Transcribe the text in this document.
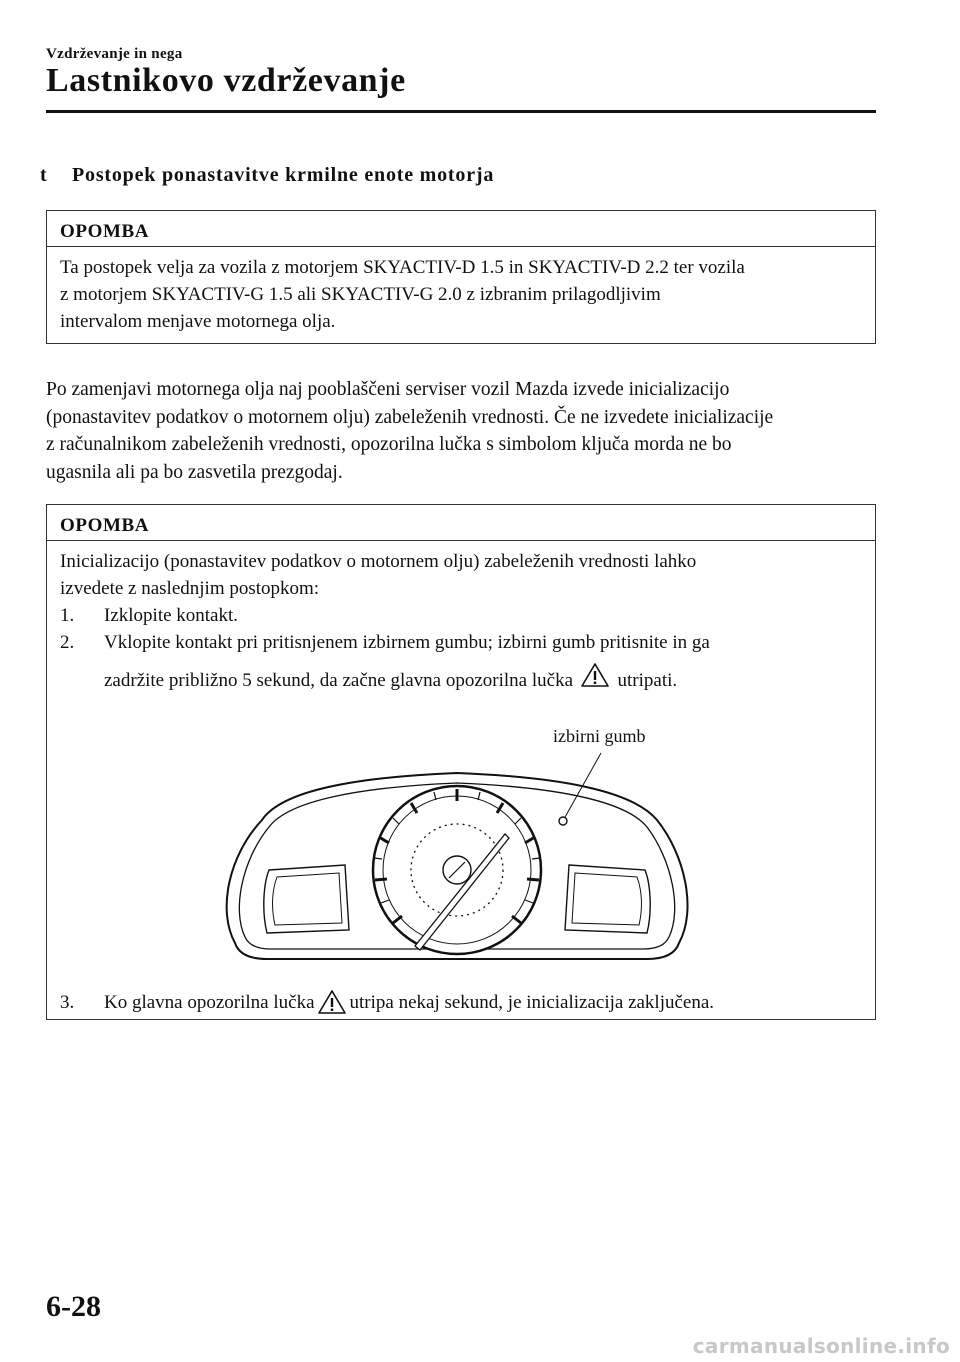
Vzdrževanje in nega
Lastnikovo vzdrževanje
t	Postopek ponastavitve krmilne enote motorja
OPOMBA
Ta postopek velja za vozila z motorjem SKYACTIV-D 1.5 in SKYACTIV-D 2.2 ter vozila
z motorjem SKYACTIV-G 1.5 ali SKYACTIV-G 2.0 z izbranim prilagodljivim
intervalom menjave motornega olja.
Po zamenjavi motornega olja naj pooblaščeni serviser vozil Mazda izvede inicializacijo
(ponastavitev podatkov o motornem olju) zabeleženih vrednosti. Če ne izvedete inicializacije
z računalnikom zabeleženih vrednosti, opozorilna lučka s simbolom ključa morda ne bo
ugasnila ali pa bo zasvetila prezgodaj.
OPOMBA
Inicializacijo (ponastavitev podatkov o motornem olju) zabeleženih vrednosti lahko
izvedete z naslednjim postopkom:
1.	Izklopite kontakt.
2.	Vklopite kontakt pri pritisnjenem izbirnem gumbu; izbirni gumb pritisnite in ga
zadržite približno 5 sekund, da začne glavna opozorilna lučka utripati.
izbirni gumb
3.	Ko glavna opozorilna lučka utripa nekaj sekund, je inicializacija zaključena.
6-28
carmanualsonline.info
